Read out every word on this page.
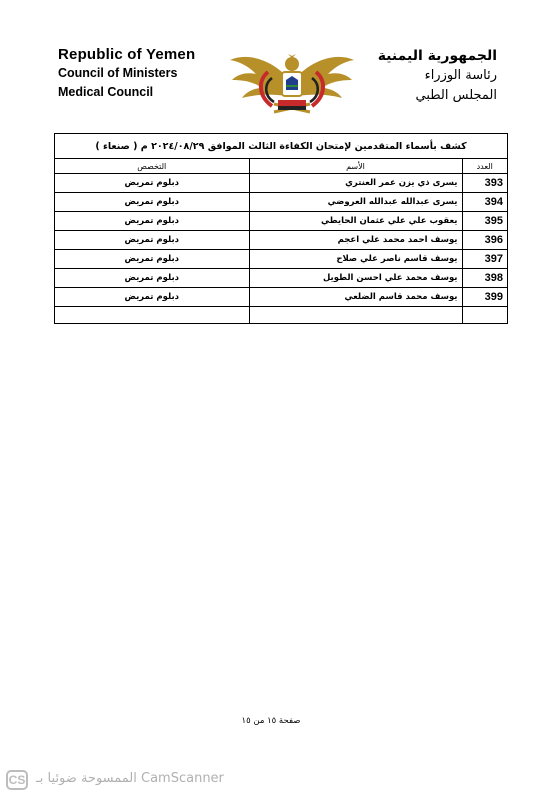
Republic of Yemen
Council of Ministers
Medical Council
الجمهورية اليمنية
رئاسة الوزراء
المجلس الطبي
كشف بأسماء المتقدمين لإمتحان الكفاءة الثالث الموافق ٢٠٢٤/٠٨/٢٩ م ( صنعاء )
العدد	الأسم	التخصص
393	يسرى ذي يزن عمر العنتري	دبلوم تمريض
394	يسرى عبدالله عبدالله العروضي	دبلوم تمريض
395	يعقوب علي علي عثمان الحايطي	دبلوم تمريض
396	يوسف احمد محمد علي اعجم	دبلوم تمريض
397	يوسف قاسم ناصر علي صلاح	دبلوم تمريض
398	يوسف محمد علي احسن الطويل	دبلوم تمريض
399	يوسف محمد قاسم الضلعي	دبلوم تمريض

صفحة ١٥ من ١٥
CS الممسوحة ضوئيا بـ CamScanner
